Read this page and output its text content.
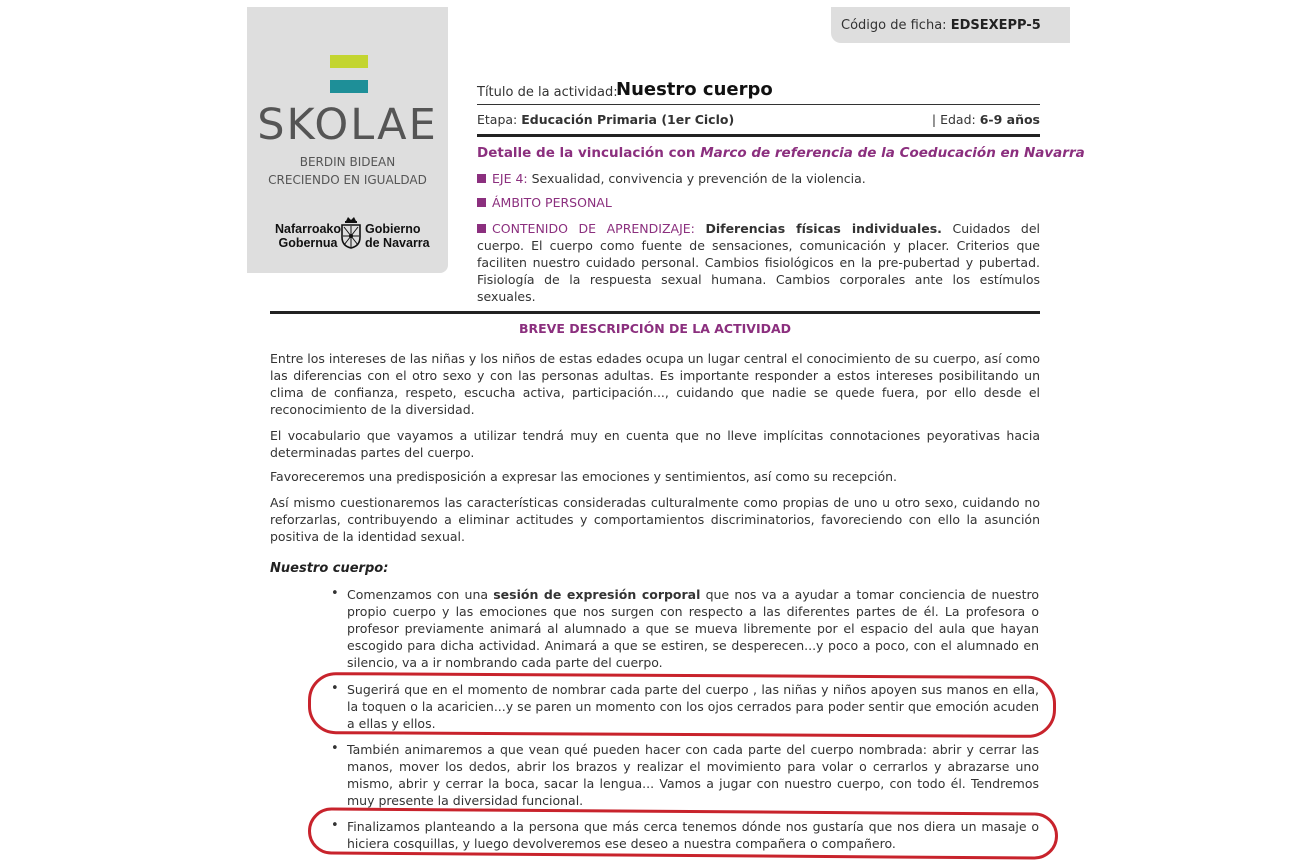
SKOLAE
BERDIN BIDEAN
CRECIENDO EN IGUALDAD
Nafarroako
Gobernua
Gobierno
de Navarra
Código de ficha: EDSEXEPP-5
Título de la actividad:
Nuestro cuerpo
Etapa: Educación Primaria (1er Ciclo)	| Edad: 6-9 años
Detalle de la vinculación con Marco de referencia de la Coeducación en Navarra
EJE 4: Sexualidad, convivencia y prevención de la violencia.
ÁMBITO PERSONAL
CONTENIDO DE APRENDIZAJE: Diferencias físicas individuales. Cuidados del cuerpo. El cuerpo como fuente de sensaciones, comunicación y placer. Criterios que faciliten nuestro cuidado personal. Cambios fisiológicos en la pre-pubertad y pubertad. Fisiología de la respuesta sexual humana. Cambios corporales ante los estímulos sexuales.
BREVE DESCRIPCIÓN DE LA ACTIVIDAD

Entre los intereses de las niñas y los niños de estas edades ocupa un lugar central el conocimiento de su cuerpo, así como las diferencias con el otro sexo y con las personas adultas. Es importante responder a estos intereses posibilitando un clima de confianza, respeto, escucha activa, participación..., cuidando que nadie se quede fuera, por ello desde el reconocimiento de la diversidad.

El vocabulario que vayamos a utilizar tendrá muy en cuenta que no lleve implícitas connotaciones peyorativas hacia determinadas partes del cuerpo.

Favoreceremos una predisposición a expresar las emociones y sentimientos, así como su recepción.

Así mismo cuestionaremos las características consideradas culturalmente como propias de uno u otro sexo, cuidando no reforzarlas, contribuyendo a eliminar actitudes y comportamientos discriminatorios, favoreciendo con ello la asunción positiva de la identidad sexual.

Nuestro cuerpo:
• Comenzamos con una sesión de expresión corporal que nos va a ayudar a tomar conciencia de nuestro propio cuerpo y las emociones que nos surgen con respecto a las diferentes partes de él. La profesora o profesor previamente animará al alumnado a que se mueva libremente por el espacio del aula que hayan escogido para dicha actividad. Animará a que se estiren, se desperecen...y poco a poco, con el alumnado en silencio, va a ir nombrando cada parte del cuerpo.

• Sugerirá que en el momento de nombrar cada parte del cuerpo , las niñas y niños apoyen sus manos en ella, la toquen o la acaricien...y se paren un momento con los ojos cerrados para poder sentir que emoción acuden a ellas y ellos.

• También animaremos a que vean qué pueden hacer con cada parte del cuerpo nombrada: abrir y cerrar las manos, mover los dedos, abrir los brazos y realizar el movimiento para volar o cerrarlos y abrazarse uno mismo, abrir y cerrar la boca, sacar la lengua... Vamos a jugar con nuestro cuerpo, con todo él. Tendremos muy presente la diversidad funcional.

• Finalizamos planteando a la persona que más cerca tenemos dónde nos gustaría que nos diera un masaje o hiciera cosquillas, y luego devolveremos ese deseo a nuestra compañera o compañero.
